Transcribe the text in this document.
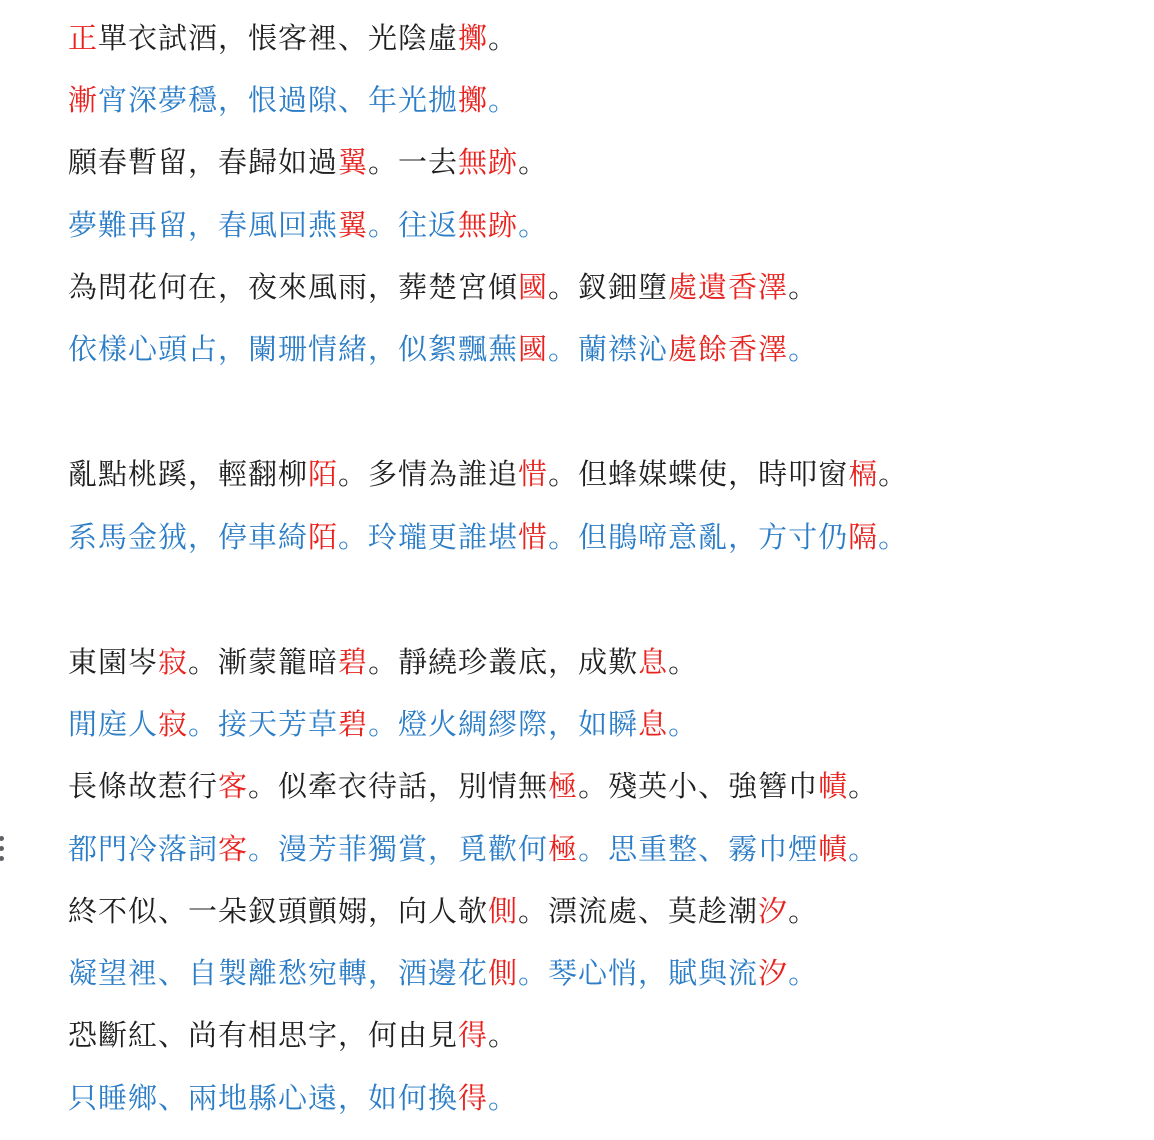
正單衣試酒，悵客裡、光陰虛擲。
漸宵深夢穩，恨過隙、年光拋擲。
願春暫留，春歸如過翼。一去無跡。
夢難再留，春風回燕翼。往返無跡。
為問花何在，夜來風雨，葬楚宮傾國。釵鈿墮處遺香澤。
依樣心頭占，闌珊情緒，似絮飄蕪國。蘭襟沁處餘香澤。
亂點桃蹊，輕翻柳陌。多情為誰追惜。但蜂媒蝶使，時叩窗槅。
系馬金狨，停車綺陌。玲瓏更誰堪惜。但鵑啼意亂，方寸仍隔。
東園岑寂。漸蒙籠暗碧。靜繞珍叢底，成歎息。
閒庭人寂。接天芳草碧。燈火綢繆際，如瞬息。
長條故惹行客。似牽衣待話，別情無極。殘英小、強簪巾幘。
都門冷落詞客。漫芳菲獨賞，覓歡何極。思重整、霧巾煙幘。
終不似、一朵釵頭顫嫋，向人欹側。漂流處、莫趁潮汐。
凝望裡、自製離愁宛轉，酒邊花側。琴心悄，賦與流汐。
恐斷紅、尚有相思字，何由見得。
只睡鄉、兩地縣心遠，如何換得。
